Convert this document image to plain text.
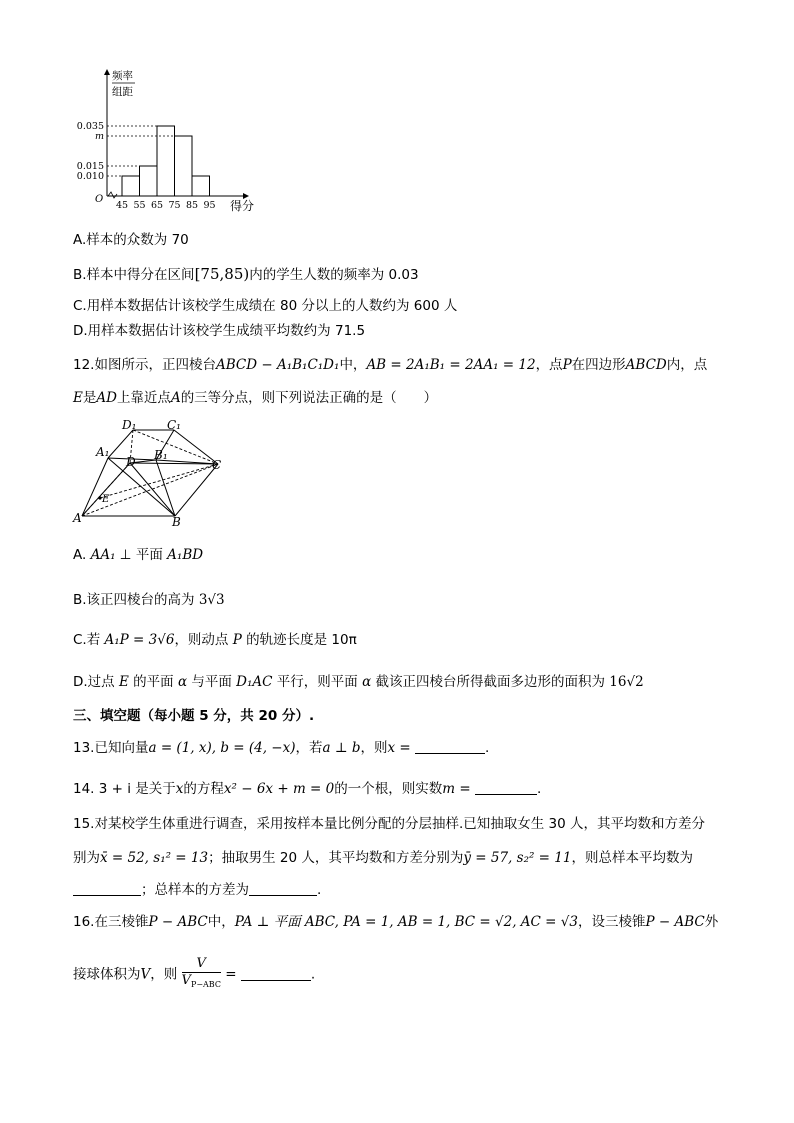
0.035
m
0.015
0.010
45 55 65 75 85 95
O
频率
组距
得分
A.样本的众数为 70
B.样本中得分在区间[75,85)内的学生人数的频率为 0.03
C.用样本数据估计该校学生成绩在 80 分以上的人数约为 600 人
D.用样本数据估计该校学生成绩平均数约为 71.5
12.如图所示，正四棱台ABCD − A₁B₁C₁D₁中，AB = 2A₁B₁ = 2AA₁ = 12，点P在四边形ABCD内，点
E是AD上靠近点A的三等分点，则下列说法正确的是（　　）
D₁	C₁
A₁
D B₁
C
E
A	B
A. AA₁ ⊥ 平面 A₁BD
B.该正四棱台的高为 3√3
C.若 A₁P = 3√6，则动点 P 的轨迹长度是 10π
D.过点 E 的平面 α 与平面 D₁AC 平行，则平面 α 截该正四棱台所得截面多边形的面积为 16√2
三、填空题（每小题 5 分，共 20 分）.
13.已知向量a = (1, x), b = (4, −x)，若a ⊥ b，则x =	.
14. 3 + i 是关于x的方程x² − 6x + m = 0的一个根，则实数m =	.
15.对某校学生体重进行调查，采用按样本量比例分配的分层抽样.已知抽取女生 30 人，其平均数和方差分
别为x̄ = 52, s₁² = 13；抽取男生 20 人，其平均数和方差分别为ȳ = 57, s₂² = 11，则总样本平均数为
；总样本的方差为	.
16.在三棱锥P − ABC中，PA ⊥ 平面 ABC, PA = 1, AB = 1, BC = √2, AC = √3，设三棱锥P − ABC外
接球体积为V，则 $\frac{V}{V_{P-ABC}}$ =	.
